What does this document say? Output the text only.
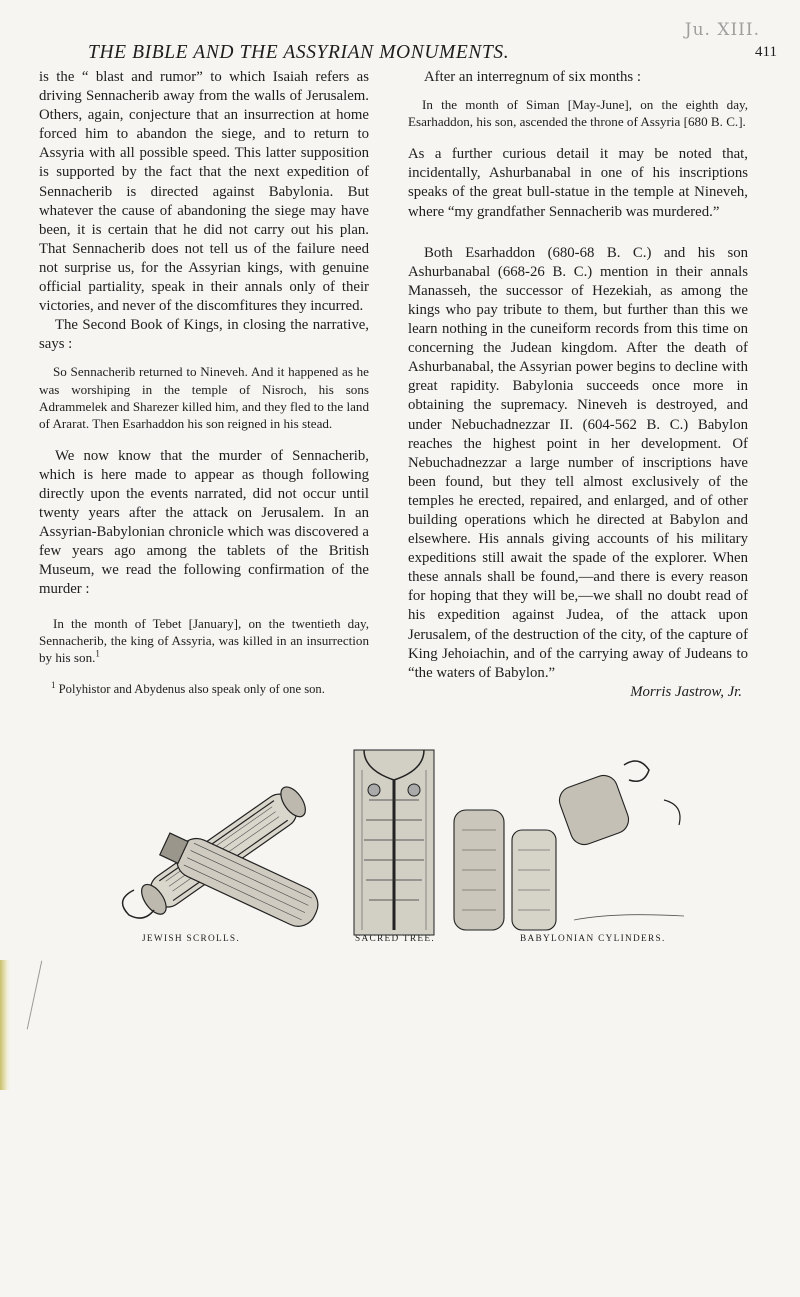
Ju. XIII.
THE BIBLE AND THE ASSYRIAN MONUMENTS.	411

is the “ blast and rumor” to which Isaiah refers as driving Sennacherib away from the walls of Jerusalem. Others, again, conjecture that an insurrection at home forced him to abandon the siege, and to return to Assyria with all possible speed. This latter supposition is supported by the fact that the next expedition of Sennacherib is directed against Babylonia. But whatever the cause of abandoning the siege may have been, it is certain that he did not carry out his plan. That Sennacherib does not tell us of the failure need not surprise us, for the Assyrian kings, with genuine official partiality, speak in their annals only of their victories, and never of the discomfitures they incurred.

The Second Book of Kings, in closing the narrative, says :

So Sennacherib returned to Nineveh. And it happened as he was worshiping in the temple of Nisroch, his sons Adrammelek and Sharezer killed him, and they fled to the land of Ararat. Then Esarhaddon his son reigned in his stead.

We now know that the murder of Sennacherib, which is here made to appear as though following directly upon the events narrated, did not occur until twenty years after the attack on Jerusalem. In an Assyrian-Babylonian chronicle which was discovered a few years ago among the tablets of the British Museum, we read the following confirmation of the murder :

In the month of Tebet [January], on the twentieth day, Sennacherib, the king of Assyria, was killed in an insurrection by his son.$^1$

$^1$ Polyhistor and Abydenus also speak only of one son.

After an interregnum of six months :

In the month of Siman [May-June], on the eighth day, Esarhaddon, his son, ascended the throne of Assyria [680 B. C.].

As a further curious detail it may be noted that, incidentally, Ashurbanabal in one of his inscriptions speaks of the great bull-statue in the temple at Nineveh, where “my grandfather Sennacherib was murdered.”

Both Esarhaddon (680-68 B. C.) and his son Ashurbanabal (668-26 B. C.) mention in their annals Manasseh, the successor of Hezekiah, as among the kings who pay tribute to them, but further than this we learn nothing in the cuneiform records from this time on concerning the Judean kingdom. After the death of Ashurbanabal, the Assyrian power begins to decline with great rapidity. Babylonia succeeds once more in obtaining the supremacy. Nineveh is destroyed, and under Nebuchadnezzar II. (604-562 B. C.) Babylon reaches the highest point in her development. Of Nebuchadnezzar a large number of inscriptions have been found, but they tell almost exclusively of the temples he erected, repaired, and enlarged, and of other building operations which he directed at Babylon and elsewhere. His annals giving accounts of his military expeditions still await the spade of the explorer. When these annals shall be found,—and there is every reason for hoping that they will be,—we shall no doubt read of his expedition against Judea, of the attack upon Jerusalem, of the destruction of the city, of the capture of King Jehoiachin, and of the carrying away of Judeans to “the waters of Babylon.”

Morris Jastrow, Jr.

JEWISH SCROLLS.	SACRED TREE.	BABYLONIAN CYLINDERS.
